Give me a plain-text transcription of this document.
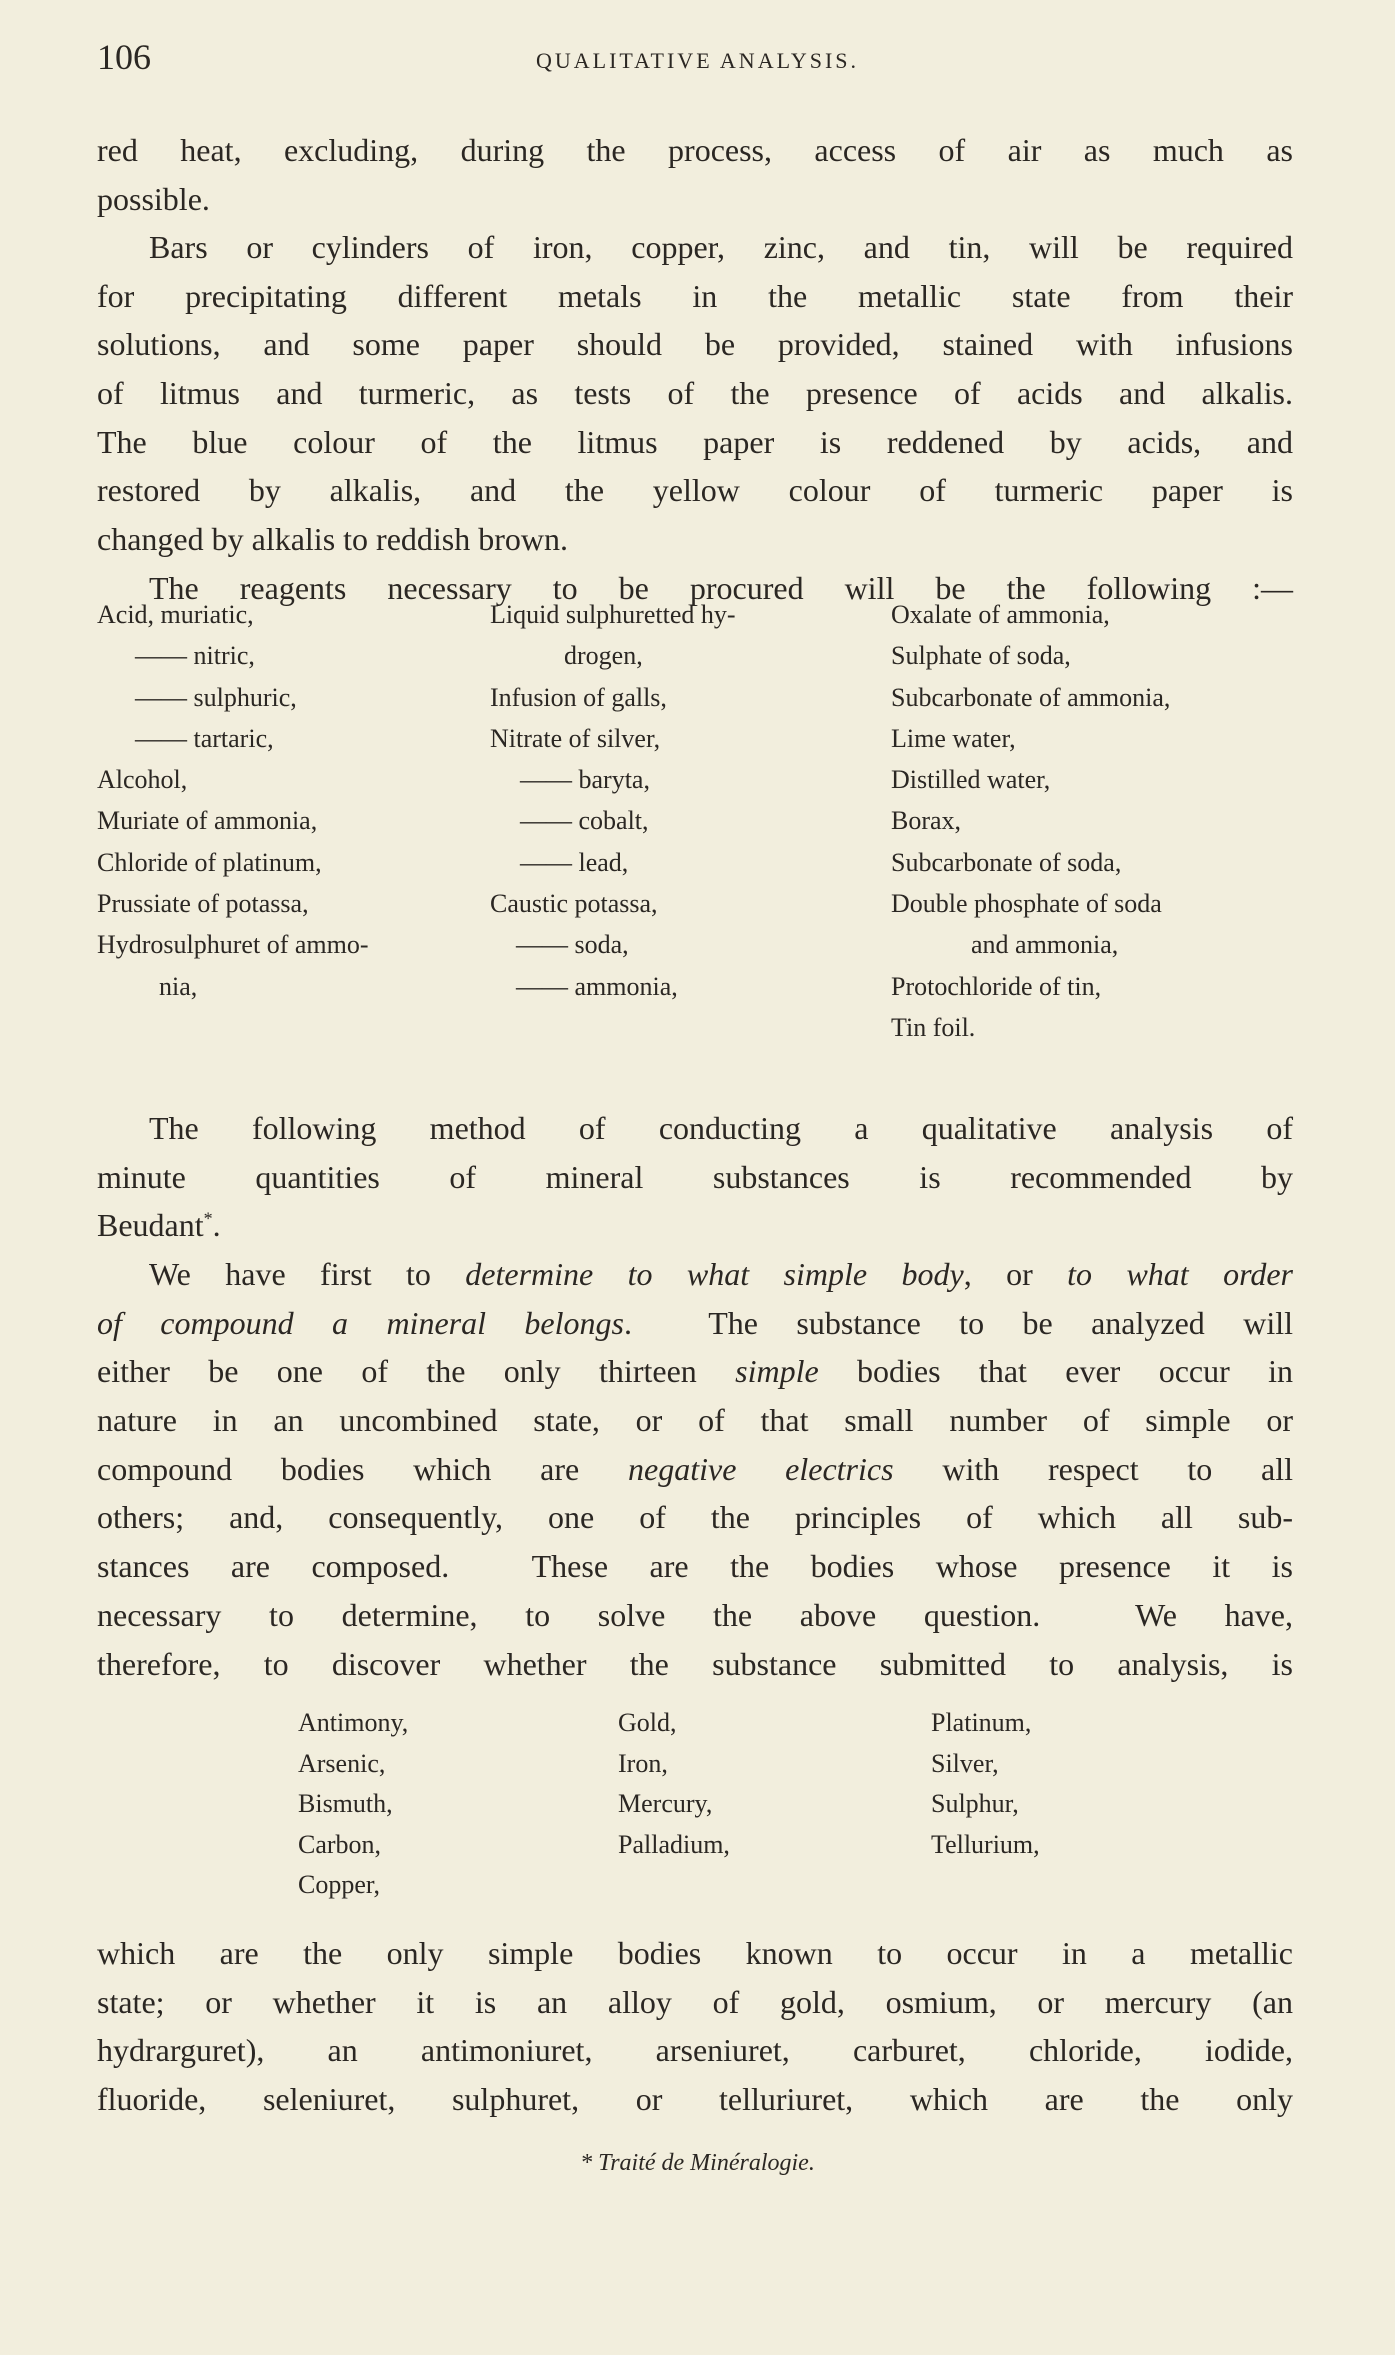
106	QUALITATIVE ANALYSIS.
red heat, excluding, during the process, access of air as much as
possible.
Bars or cylinders of iron, copper, zinc, and tin, will be required
for precipitating different metals in the metallic state from their
solutions, and some paper should be provided, stained with infusions
of litmus and turmeric, as tests of the presence of acids and alkalis.
The blue colour of the litmus paper is reddened by acids, and
restored by alkalis, and the yellow colour of turmeric paper is
changed by alkalis to reddish brown.
The reagents necessary to be procured will be the following :—
Acid, muriatic,
—— nitric,
—— sulphuric,
—— tartaric,
Alcohol,
Muriate of ammonia,
Chloride of platinum,
Prussiate of potassa,
Hydrosulphuret of ammo-
nia,
Liquid sulphuretted hy-
drogen,
Infusion of galls,
Nitrate of silver,
—— baryta,
—— cobalt,
—— lead,
Caustic potassa,
—— soda,
—— ammonia,
Oxalate of ammonia,
Sulphate of soda,
Subcarbonate of ammonia,
Lime water,
Distilled water,
Borax,
Subcarbonate of soda,
Double phosphate of soda
and ammonia,
Protochloride of tin,
Tin foil.
The following method of conducting a qualitative analysis of
minute quantities of mineral substances is recommended by
Beudant*.
We have first to determine to what simple body, or to what order
of compound a mineral belongs.  The substance to be analyzed will
either be one of the only thirteen simple bodies that ever occur in
nature in an uncombined state, or of that small number of simple or
compound bodies which are negative electrics with respect to all
others; and, consequently, one of the principles of which all sub-
stances are composed.  These are the bodies whose presence it is
necessary to determine, to solve the above question.  We have,
therefore, to discover whether the substance submitted to analysis, is
Antimony,
Arsenic,
Bismuth,
Carbon,
Copper,
Gold,
Iron,
Mercury,
Palladium,
Platinum,
Silver,
Sulphur,
Tellurium,
which are the only simple bodies known to occur in a metallic
state; or whether it is an alloy of gold, osmium, or mercury (an
hydrarguret), an antimoniuret, arseniuret, carburet, chloride, iodide,
fluoride, seleniuret, sulphuret, or telluriuret, which are the only
* Traité de Minéralogie.
